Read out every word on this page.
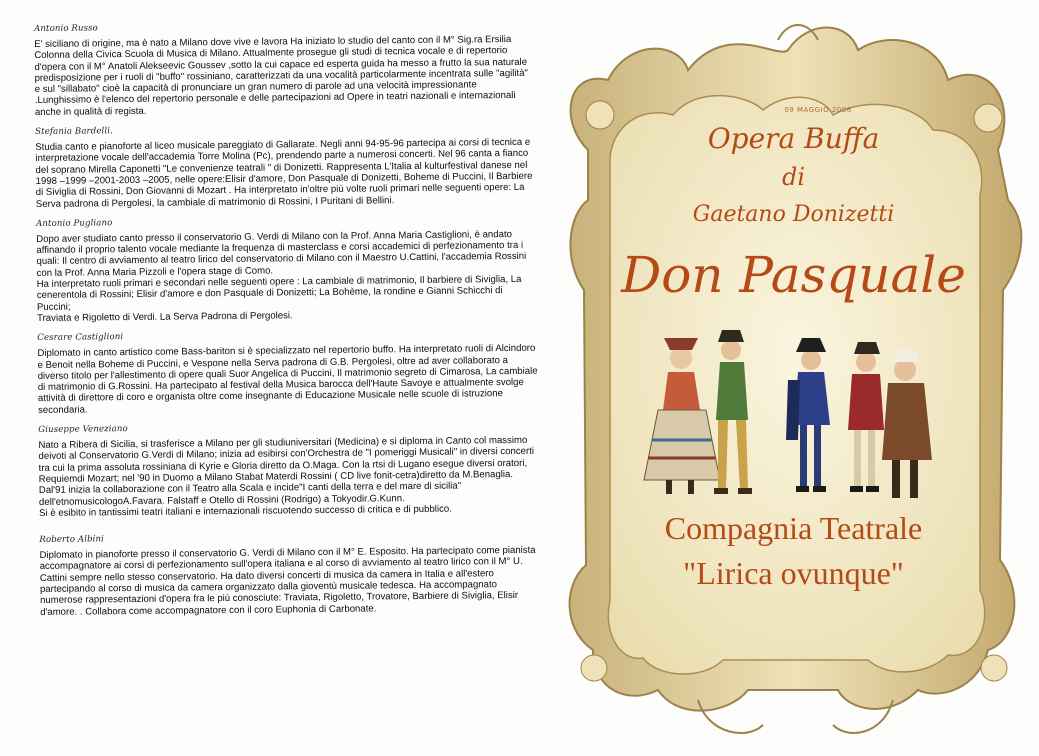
Antonio Russo

E' siciliano di origine, ma è nato a Milano dove vive e lavora Ha iniziato lo studio del canto con il M° Sig.ra Ersilia Colonna della Civica Scuola di Musica di Milano. Attualmente prosegue gli studi di tecnica vocale e di repertorio d'opera con il M° Anatoli Alekseevic Goussev ,sotto la cui capace ed esperta guida ha messo a frutto la sua naturale predisposizione per i ruoli di "buffo" rossiniano, caratterizzati da una vocalità particolarmente incentrata sulle "agilità" e sul "sillabato" cioè la capacità di pronunciare un gran numero di parole ad una velocità impressionante .Lunghissimo è l'elenco del repertorio personale e delle partecipazioni ad Opere in teatri nazionali e internazionali anche in qualità di regista.

Stefania Bardelli.

Studia canto e pianoforte al liceo musicale pareggiato di Gallarate. Negli anni 94-95-96 partecipa ai corsi di tecnica e interpretazione vocale dell'accademia Torre Molina (Pc), prendendo parte a numerosi concerti. Nel 96 canta a fianco del soprano Mirella Caponetti "Le convenienze teatrali " di Donizetti. Rappresenta L'Italia al kulturfestival danese nel 1998 –1999 –2001-2003 –2005, nelle opere:Elisir d'amore, Don Pasquale di Donizetti, Boheme di Puccini, Il Barbiere di Siviglia di Rossini, Don Giovanni di Mozart . Ha interpretato in'oltre più volte ruoli primari nelle seguenti opere: La Serva padrona di Pergolesi, la cambiale di matrimonio di Rossini, I Puritani di Bellini.

Antonio Pugliano

Dopo aver studiato canto presso il conservatorio G. Verdi di Milano con la Prof. Anna Maria Castiglioni, è andato affinando il proprio talento vocale mediante la frequenza di masterclass e corsi accademici di perfezionamento tra i quali: Il centro di avviamento al teatro lirico del conservatorio di Milano con il Maestro U.Cattini, l'accademia Rossini con la Prof. Anna Maria Pizzoli e l'opera stage di Como.
Ha interpretato ruoli primari e secondari nelle seguenti opere : La cambiale di matrimonio, Il barbiere di Siviglia, La cenerentola di Rossini; Elisir d'amore e don Pasquale di Donizetti; La Bohème, la rondine e Gianni Schicchi di Puccini;
Traviata e Rigoletto di Verdi. La Serva Padrona di Pergolesi.

Cesrare Castiglioni

Diplomato in canto artistico come Bass-bariton si è specializzato nel repertorio buffo. Ha interpretato ruoli di Alcindoro e Benoit nella Boheme di Puccini, e Vespone nella Serva padrona di G.B. Pergolesi, oltre ad aver collaborato a diverso titolo per l'allestimento di opere quali Suor Angelica di Puccini, Il matrimonio segreto di Cimarosa, La cambiale di matrimonio di G.Rossini. Ha partecipato al festival della Musica barocca dell'Haute Savoye e attualmente svolge attività di direttore di coro e organista oltre come insegnante di Educazione Musicale nelle scuole di istruzione secondaria.

Giuseppe Veneziano

Nato a Ribera di Sicilia, si trasferisce a Milano per gli studiuniversitari (Medicina) e si diploma in Canto col massimo deivoti al Conservatorio G.Verdi di Milano; inizia ad esibirsi con'Orchestra de "I pomeriggi Musicali" in diversi concerti tra cui la prima assoluta rossiniana di Kyrie e Gloria diretto da O.Maga. Con la rtsi di Lugano esegue diversi oratori, Requiemdi Mozart; nel '90 in Duomo a Milano Stabat Materdi Rossini ( CD live fonit-cetra)diretto da M.Benaglia. Dal'91 inizia la collaborazione con il Teatro alla Scala e incide"I canti della terra e del mare di sicilia" dell'etnomusicologoA.Favara. Falstaff e Otello di Rossini (Rodrigo) a Tokyodir.G.Kunn.
Si è esibito in tantissimi teatri italiani e internazionali riscuotendo successo di critica e di pubblico.

Roberto Albini

Diplomato in pianoforte presso il conservatorio G. Verdi di Milano con il M° E. Esposito. Ha partecipato come pianista accompagnatore ai corsi di perfezionamento sull'opera italiana e al corso di avviamento al teatro lirico con il M° U. Cattini sempre nello stesso conservatorio. Ha dato diversi concerti di musica da camera in Italia e all'estero partecipando al corso di musica da camera organizzato dalla gioventù musicale tedesca. Ha accompagnato numerose rappresentazioni d'opera fra le più conosciute: Traviata, Rigoletto, Trovatore, Barbiere di Siviglia, Elisir d'amore. . Collabora come accompagnatore con il coro Euphonia di Carbonate.

09 MAGGIO 2008

Opera Buffa

di

Gaetano Donizetti

Don Pasquale

Compagnia Teatrale

"Lirica ovunque"
